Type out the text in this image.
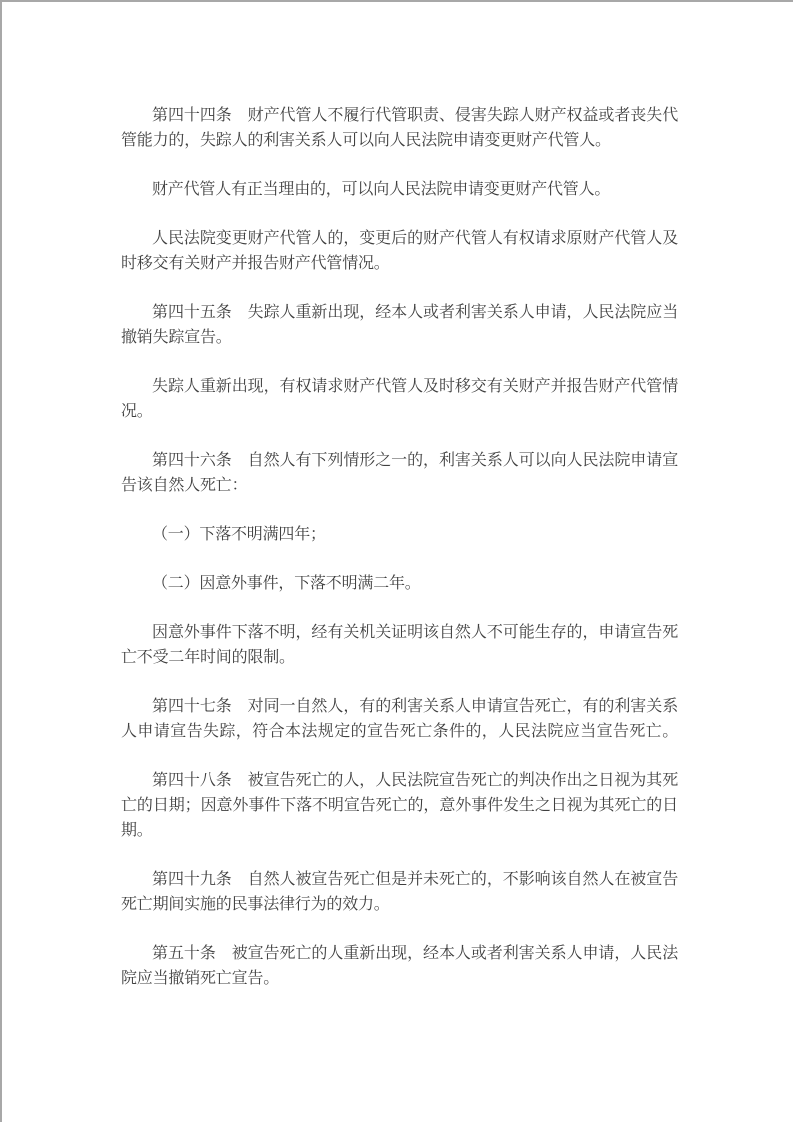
第四十四条　财产代管人不履行代管职责、侵害失踪人财产权益或者丧失代
管能力的，失踪人的利害关系人可以向人民法院申请变更财产代管人。
财产代管人有正当理由的，可以向人民法院申请变更财产代管人。
人民法院变更财产代管人的，变更后的财产代管人有权请求原财产代管人及
时移交有关财产并报告财产代管情况。
第四十五条　失踪人重新出现，经本人或者利害关系人申请，人民法院应当
撤销失踪宣告。
失踪人重新出现，有权请求财产代管人及时移交有关财产并报告财产代管情
况。
第四十六条　自然人有下列情形之一的，利害关系人可以向人民法院申请宣
告该自然人死亡：
（一）下落不明满四年；
（二）因意外事件，下落不明满二年。
因意外事件下落不明，经有关机关证明该自然人不可能生存的，申请宣告死
亡不受二年时间的限制。
第四十七条　对同一自然人，有的利害关系人申请宣告死亡，有的利害关系
人申请宣告失踪，符合本法规定的宣告死亡条件的，人民法院应当宣告死亡。
第四十八条　被宣告死亡的人，人民法院宣告死亡的判决作出之日视为其死
亡的日期；因意外事件下落不明宣告死亡的，意外事件发生之日视为其死亡的日
期。
第四十九条　自然人被宣告死亡但是并未死亡的，不影响该自然人在被宣告
死亡期间实施的民事法律行为的效力。
第五十条　被宣告死亡的人重新出现，经本人或者利害关系人申请，人民法
院应当撤销死亡宣告。
